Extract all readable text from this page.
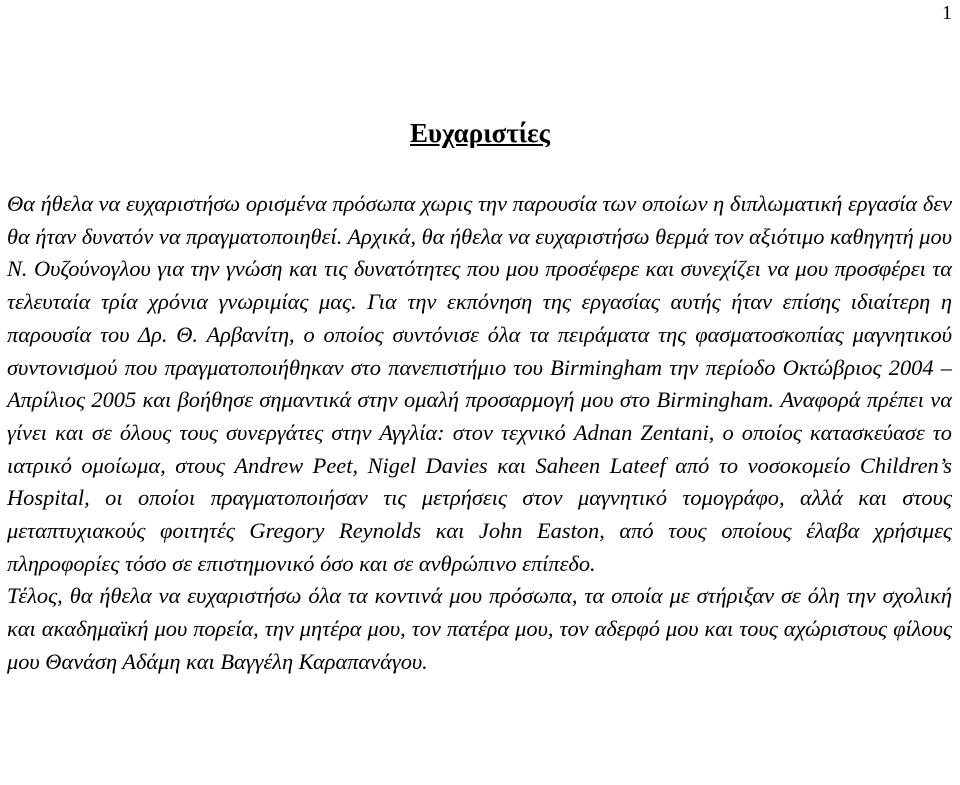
1
Ευχαριστίες

Θα ήθελα να ευχαριστήσω ορισμένα πρόσωπα χωρις την παρουσία των οποίων η διπλωματική εργασία δεν θα ήταν δυνατόν να πραγματοποιηθεί. Αρχικά, θα ήθελα να ευχαριστήσω θερμά τον αξιότιμο καθηγητή μου Ν. Ουζούνογλου για την γνώση και τις δυνατότητες που μου προσέφερε και συνεχίζει να μου προσφέρει τα τελευταία τρία χρόνια γνωριμίας μας. Για την εκπόνηση της εργασίας αυτής ήταν επίσης ιδιαίτερη η παρουσία του Δρ. Θ. Αρβανίτη, ο οποίος συντόνισε όλα τα πειράματα της φασματοσκοπίας μαγνητικού συντονισμού που πραγματοποιήθηκαν στο πανεπιστήμιο του Birmingham την περίοδο Οκτώβριος 2004 – Απρίλιος 2005 και βοήθησε σημαντικά στην ομαλή προσαρμογή μου στο Birmingham. Αναφορά πρέπει να γίνει και σε όλους τους συνεργάτες στην Αγγλία: στον τεχνικό Adnan Zentani, ο οποίος κατασκεύασε το ιατρικό ομοίωμα, στους Andrew Peet, Nigel Davies και Saheen Lateef από το νοσοκομείο Children’s Hospital, οι οποίοι πραγματοποιήσαν τις μετρήσεις στον μαγνητικό τομογράφο, αλλά και στους μεταπτυχιακούς φοιτητές Gregory Reynolds και John Easton, από τους οποίους έλαβα χρήσιμες πληροφορίες τόσο σε επιστημονικό όσο και σε ανθρώπινο επίπεδο.

Τέλος, θα ήθελα να ευχαριστήσω όλα τα κοντινά μου πρόσωπα, τα οποία με στήριξαν σε όλη την σχολική και ακαδημαϊκή μου πορεία, την μητέρα μου, τον πατέρα μου, τον αδερφό μου και τους αχώριστους φίλους μου Θανάση Αδάμη και Βαγγέλη Καραπανάγου.
